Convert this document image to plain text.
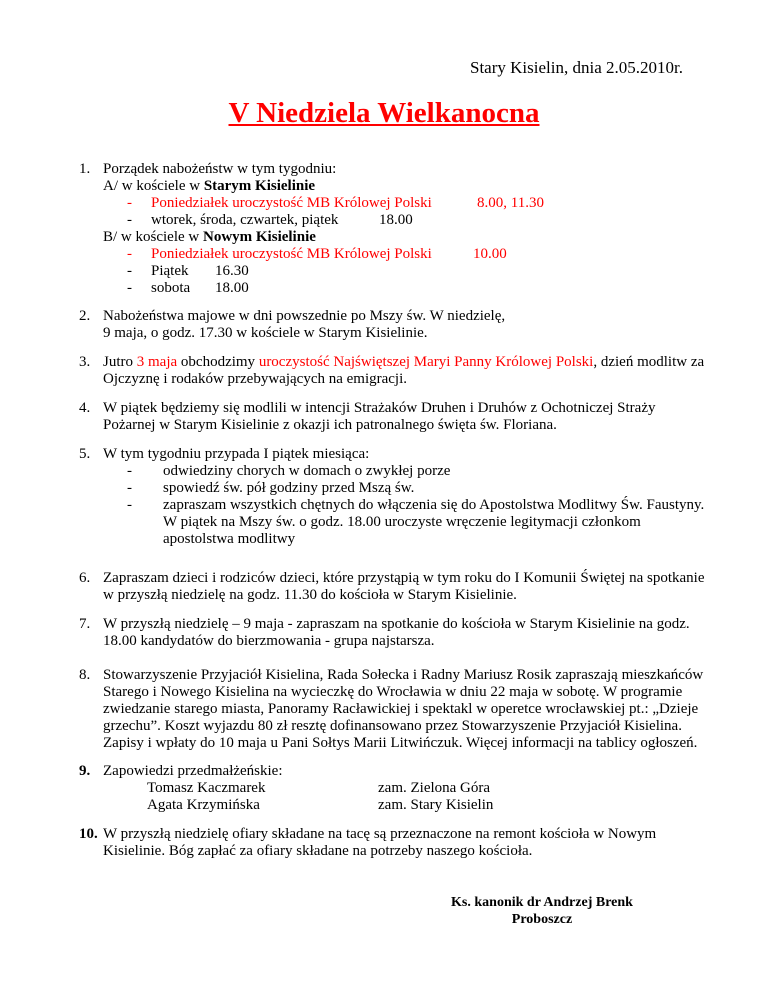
Stary Kisielin, dnia 2.05.2010r.
V Niedziela Wielkanocna
1. Porządek nabożeństw w tym tygodniu:
A/ w kościele w Starym Kisielinie
- Poniedziałek uroczystość MB Królowej Polski	8.00, 11.30
- wtorek, środa, czwartek, piątek	18.00
B/ w kościele w Nowym Kisielinie
- Poniedziałek uroczystość MB Królowej Polski	10.00
- Piątek 16.30
- sobota 18.00
2. Nabożeństwa majowe w dni powszednie po Mszy św. W niedzielę,
9 maja, o godz. 17.30 w kościele w Starym Kisielinie.
3. Jutro 3 maja obchodzimy uroczystość Najświętszej Maryi Panny Królowej Polski, dzień modlitw za
Ojczyznę i rodaków przebywających na emigracji.
4. W piątek będziemy się modlili w intencji Strażaków Druhen i Druhów z Ochotniczej Straży
Pożarnej w Starym Kisielinie z okazji ich patronalnego święta św. Floriana.
5. W tym tygodniu przypada I piątek miesiąca:
- odwiedziny chorych w domach o zwykłej porze
- spowiedź św. pół godziny przed Mszą św.
- zapraszam wszystkich chętnych do włączenia się do Apostolstwa Modlitwy Św. Faustyny.
W piątek na Mszy św. o godz. 18.00 uroczyste wręczenie legitymacji członkom
apostolstwa modlitwy
6. Zapraszam dzieci i rodziców dzieci, które przystąpią w tym roku do I Komunii Świętej na spotkanie
w przyszłą niedzielę na godz. 11.30 do kościoła w Starym Kisielinie.
7. W przyszłą niedzielę – 9 maja - zapraszam na spotkanie do kościoła w Starym Kisielinie na godz.
18.00 kandydatów do bierzmowania - grupa najstarsza.
8. Stowarzyszenie Przyjaciół Kisielina, Rada Sołecka i Radny Mariusz Rosik zapraszają mieszkańców
Starego i Nowego Kisielina na wycieczkę do Wrocławia w dniu 22 maja w sobotę. W programie
zwiedzanie starego miasta, Panoramy Racławickiej i spektakl w operetce wrocławskiej pt.: „Dzieje
grzechu”. Koszt wyjazdu 80 zł resztę dofinansowano przez Stowarzyszenie Przyjaciół Kisielina.
Zapisy i wpłaty do 10 maja u Pani Sołtys Marii Litwińczuk. Więcej informacji na tablicy ogłoszeń.
9. Zapowiedzi przedmałżeńskie:
Tomasz Kaczmarek	zam. Zielona Góra
Agata Krzymińska	zam. Stary Kisielin
10. W przyszłą niedzielę ofiary składane na tacę są przeznaczone na remont kościoła w Nowym
Kisielinie. Bóg zapłać za ofiary składane na potrzeby naszego kościoła.
Ks. kanonik dr Andrzej Brenk
Proboszcz
